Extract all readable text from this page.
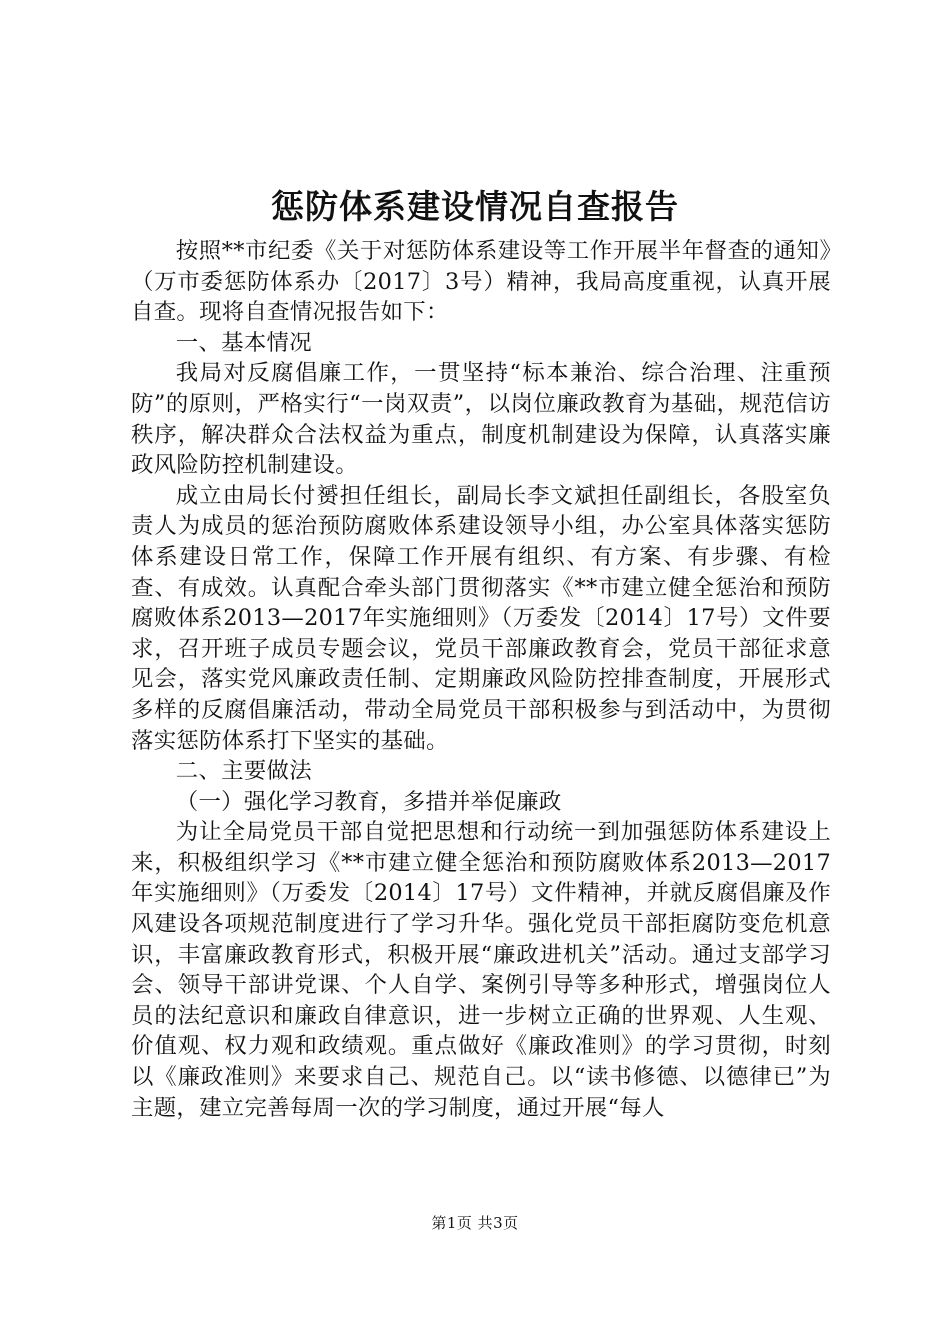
惩防体系建设情况自查报告

按照**市纪委《关于对惩防体系建设等工作开展半年督查的通知》（万市委惩防体系办〔2017〕3号）精神，我局高度重视，认真开展自查。现将自查情况报告如下：

一、基本情况

我局对反腐倡廉工作，一贯坚持“标本兼治、综合治理、注重预防”的原则，严格实行“一岗双责”，以岗位廉政教育为基础，规范信访秩序，解决群众合法权益为重点，制度机制建设为保障，认真落实廉政风险防控机制建设。

成立由局长付赟担任组长，副局长李文斌担任副组长，各股室负责人为成员的惩治预防腐败体系建设领导小组，办公室具体落实惩防体系建设日常工作，保障工作开展有组织、有方案、有步骤、有检查、有成效。认真配合牵头部门贯彻落实《**市建立健全惩治和预防腐败体系2013—2017年实施细则》（万委发〔2014〕17号）文件要求，召开班子成员专题会议，党员干部廉政教育会，党员干部征求意见会，落实党风廉政责任制、定期廉政风险防控排查制度，开展形式多样的反腐倡廉活动，带动全局党员干部积极参与到活动中，为贯彻落实惩防体系打下坚实的基础。

二、主要做法

（一）强化学习教育，多措并举促廉政

为让全局党员干部自觉把思想和行动统一到加强惩防体系建设上来，积极组织学习《**市建立健全惩治和预防腐败体系2013—2017年实施细则》（万委发〔2014〕17号）文件精神，并就反腐倡廉及作风建设各项规范制度进行了学习升华。强化党员干部拒腐防变危机意识，丰富廉政教育形式，积极开展“廉政进机关”活动。通过支部学习会、领导干部讲党课、个人自学、案例引导等多种形式，增强岗位人员的法纪意识和廉政自律意识，进一步树立正确的世界观、人生观、价值观、权力观和政绩观。重点做好《廉政准则》的学习贯彻，时刻以《廉政准则》来要求自己、规范自己。以“读书修德、以德律已”为主题，建立完善每周一次的学习制度，通过开展“每人

第1页 共3页
